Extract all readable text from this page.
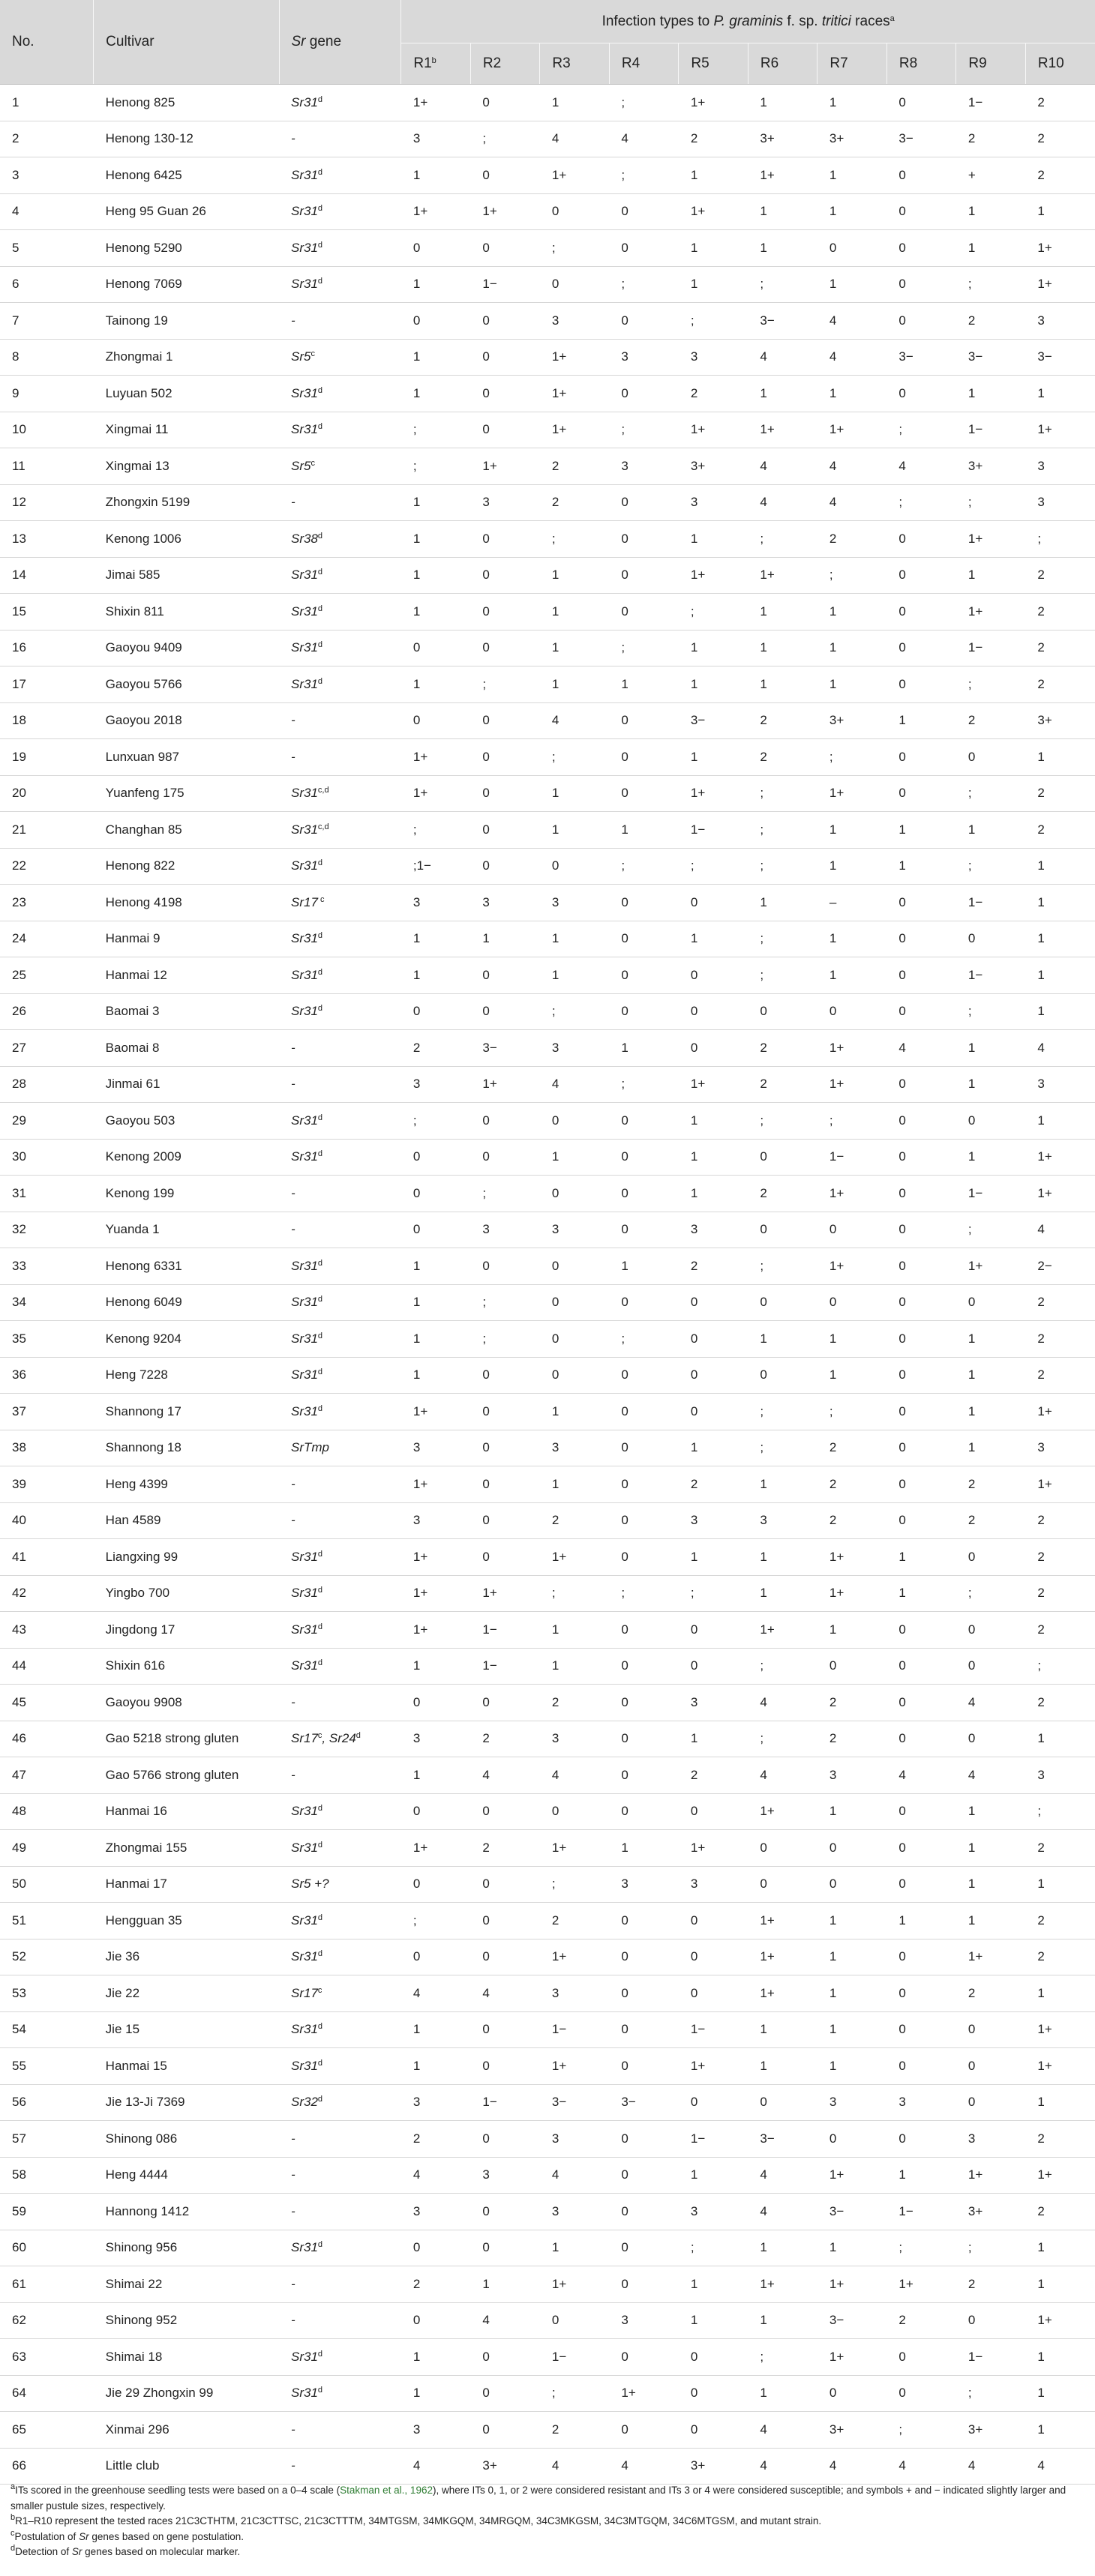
No.	Cultivar	Sr gene	Infection types to P. graminis f. sp. tritici races$^a$
			R1$^b$	R2	R3	R4	R5	R6	R7	R8	R9	R10
1	Henong 825	Sr31$^d$	1+	0	1	;	1+	1	1	0	1−	2
2	Henong 130-12	-	3	;	4	4	2	3+	3+	3−	2	2
3	Henong 6425	Sr31$^d$	1	0	1+	;	1	1+	1	0	+	2
4	Heng 95 Guan 26	Sr31$^d$	1+	1+	0	0	1+	1	1	0	1	1
5	Henong 5290	Sr31$^d$	0	0	;	0	1	1	0	0	1	1+
6	Henong 7069	Sr31$^d$	1	1−	0	;	1	;	1	0	;	1+
7	Tainong 19	-	0	0	3	0	;	3−	4	0	2	3
8	Zhongmai 1	Sr5$^c$	1	0	1+	3	3	4	4	3−	3−	3−
9	Luyuan 502	Sr31$^d$	1	0	1+	0	2	1	1	0	1	1
10	Xingmai 11	Sr31$^d$	;	0	1+	;	1+	1+	1+	;	1−	1+
11	Xingmai 13	Sr5$^c$	;	1+	2	3	3+	4	4	4	3+	3
12	Zhongxin 5199	-	1	3	2	0	3	4	4	;	;	3
13	Kenong 1006	Sr38$^d$	1	0	;	0	1	;	2	0	1+	;
14	Jimai 585	Sr31$^d$	1	0	1	0	1+	1+	;	0	1	2
15	Shixin 811	Sr31$^d$	1	0	1	0	;	1	1	0	1+	2
16	Gaoyou 9409	Sr31$^d$	0	0	1	;	1	1	1	0	1−	2
17	Gaoyou 5766	Sr31$^d$	1	;	1	1	1	1	1	0	;	2
18	Gaoyou 2018	-	0	0	4	0	3−	2	3+	1	2	3+
19	Lunxuan 987	-	1+	0	;	0	1	2	;	0	0	1
20	Yuanfeng 175	Sr31$^{c,d}$	1+	0	1	0	1+	;	1+	0	;	2
21	Changhan 85	Sr31$^{c,d}$	;	0	1	1	1−	;	1	1	1	2
22	Henong 822	Sr31$^d$	;1−	0	0	;	;	;	1	1	;	1
23	Henong 4198	Sr17 $^c$	3	3	3	0	0	1	–	0	1−	1
24	Hanmai 9	Sr31$^d$	1	1	1	0	1	;	1	0	0	1
25	Hanmai 12	Sr31$^d$	1	0	1	0	0	;	1	0	1−	1
26	Baomai 3	Sr31$^d$	0	0	;	0	0	0	0	0	;	1
27	Baomai 8	-	2	3−	3	1	0	2	1+	4	1	4
28	Jinmai 61	-	3	1+	4	;	1+	2	1+	0	1	3
29	Gaoyou 503	Sr31$^d$	;	0	0	0	1	;	;	0	0	1
30	Kenong 2009	Sr31$^d$	0	0	1	0	1	0	1−	0	1	1+
31	Kenong 199	-	0	;	0	0	1	2	1+	0	1−	1+
32	Yuanda 1	-	0	3	3	0	3	0	0	0	;	4
33	Henong 6331	Sr31$^d$	1	0	0	1	2	;	1+	0	1+	2−
34	Henong 6049	Sr31$^d$	1	;	0	0	0	0	0	0	0	2
35	Kenong 9204	Sr31$^d$	1	;	0	;	0	1	1	0	1	2
36	Heng 7228	Sr31$^d$	1	0	0	0	0	0	1	0	1	2
37	Shannong 17	Sr31$^d$	1+	0	1	0	0	;	;	0	1	1+
38	Shannong 18	SrTmp	3	0	3	0	1	;	2	0	1	3
39	Heng 4399	-	1+	0	1	0	2	1	2	0	2	1+
40	Han 4589	-	3	0	2	0	3	3	2	0	2	2
41	Liangxing 99	Sr31$^d$	1+	0	1+	0	1	1	1+	1	0	2
42	Yingbo 700	Sr31$^d$	1+	1+	;	;	;	1	1+	1	;	2
43	Jingdong 17	Sr31$^d$	1+	1−	1	0	0	1+	1	0	0	2
44	Shixin 616	Sr31$^d$	1	1−	1	0	0	;	0	0	0	;
45	Gaoyou 9908	-	0	0	2	0	3	4	2	0	4	2
46	Gao 5218 strong gluten	Sr17$^c$, Sr24$^d$	3	2	3	0	1	;	2	0	0	1
47	Gao 5766 strong gluten	-	1	4	4	0	2	4	3	4	4	3
48	Hanmai 16	Sr31$^d$	0	0	0	0	0	1+	1	0	1	;
49	Zhongmai 155	Sr31$^d$	1+	2	1+	1	1+	0	0	0	1	2
50	Hanmai 17	Sr5 +?	0	0	;	3	3	0	0	0	1	1
51	Hengguan 35	Sr31$^d$	;	0	2	0	0	1+	1	1	1	2
52	Jie 36	Sr31$^d$	0	0	1+	0	0	1+	1	0	1+	2
53	Jie 22	Sr17$^c$	4	4	3	0	0	1+	1	0	2	1
54	Jie 15	Sr31$^d$	1	0	1−	0	1−	1	1	0	0	1+
55	Hanmai 15	Sr31$^d$	1	0	1+	0	1+	1	1	0	0	1+
56	Jie 13-Ji 7369	Sr32$^d$	3	1−	3−	3−	0	0	3	3	0	1
57	Shinong 086	-	2	0	3	0	1−	3−	0	0	3	2
58	Heng 4444	-	4	3	4	0	1	4	1+	1	1+	1+
59	Hannong 1412	-	3	0	3	0	3	4	3−	1−	3+	2
60	Shinong 956	Sr31$^d$	0	0	1	0	;	1	1	;	;	1
61	Shimai 22	-	2	1	1+	0	1	1+	1+	1+	2	1
62	Shinong 952	-	0	4	0	3	1	1	3−	2	0	1+
63	Shimai 18	Sr31$^d$	1	0	1−	0	0	;	1+	0	1−	1
64	Jie 29 Zhongxin 99	Sr31$^d$	1	0	;	1+	0	1	0	0	;	1
65	Xinmai 296	-	3	0	2	0	0	4	3+	;	3+	1
66	Little club	-	4	3+	4	4	3+	4	4	4	4	4

$^a$ITs scored in the greenhouse seedling tests were based on a 0–4 scale (Stakman et al., 1962), where ITs 0, 1, or 2 were considered resistant and ITs 3 or 4 were considered susceptible; and symbols + and − indicated slightly larger and smaller pustule sizes, respectively.

$^b$R1–R10 represent the tested races 21C3CTHTM, 21C3CTTSC, 21C3CTTTM, 34MTGSM, 34MKGQM, 34MRGQM, 34C3MKGSM, 34C3MTGQM, 34C6MTGSM, and mutant strain.

$^c$Postulation of Sr genes based on gene postulation.

$^d$Detection of Sr genes based on molecular marker.
